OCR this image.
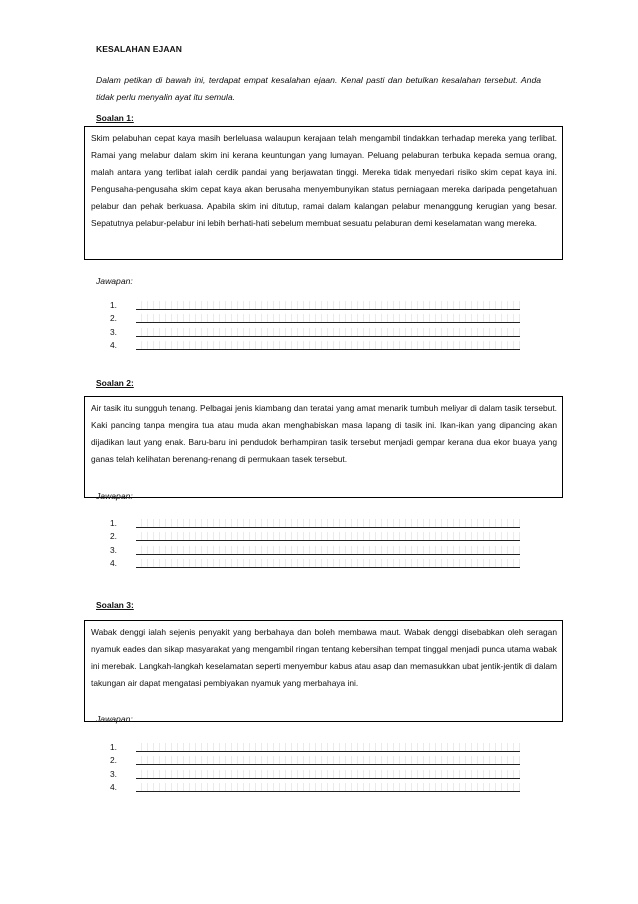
KESALAHAN EJAAN
Dalam petikan di bawah ini, terdapat empat kesalahan ejaan. Kenal pasti dan betulkan kesalahan tersebut. Anda tidak perlu menyalin ayat itu semula.
Soalan 1:
Skim pelabuhan cepat kaya masih berleluasa walaupun kerajaan telah mengambil tindakkan terhadap mereka yang terlibat. Ramai yang melabur dalam skim ini kerana keuntungan yang lumayan. Peluang pelaburan terbuka kepada semua orang, malah antara yang terlibat ialah cerdik pandai yang berjawatan tinggi. Mereka tidak menyedari risiko skim cepat kaya ini. Pengusaha-pengusaha skim cepat kaya akan berusaha menyembunyikan status perniagaan mereka daripada pengetahuan pelabur dan pehak berkuasa. Apabila skim ini ditutup, ramai dalam kalangan pelabur menanggung kerugian yang besar. Sepatutnya pelabur-pelabur ini lebih berhati-hati sebelum membuat sesuatu pelaburan demi keselamatan wang mereka.
Jawapan:
1.
2.
3.
4.
Soalan 2:
Air tasik itu sungguh tenang. Pelbagai jenis kiambang dan teratai yang amat menarik tumbuh meliyar di dalam tasik tersebut. Kaki pancing tanpa mengira tua atau muda akan menghabiskan masa lapang di tasik ini. Ikan-ikan yang dipancing akan dijadikan laut yang enak. Baru-baru ini pendudok berhampiran tasik tersebut menjadi gempar kerana dua ekor buaya yang ganas telah kelihatan berenang-renang di permukaan tasek tersebut.
Jawapan:
1.
2.
3.
4.
Soalan 3:
Wabak denggi ialah sejenis penyakit yang berbahaya dan boleh membawa maut. Wabak denggi disebabkan oleh seragan nyamuk eades dan sikap masyarakat yang mengambil ringan tentang kebersihan tempat tinggal menjadi punca utama wabak ini merebak. Langkah-langkah keselamatan seperti menyembur kabus atau asap dan memasukkan ubat jentik-jentik di dalam takungan air dapat mengatasi pembiyakan nyamuk yang merbahaya ini.
Jawapan:
1.
2.
3.
4.
